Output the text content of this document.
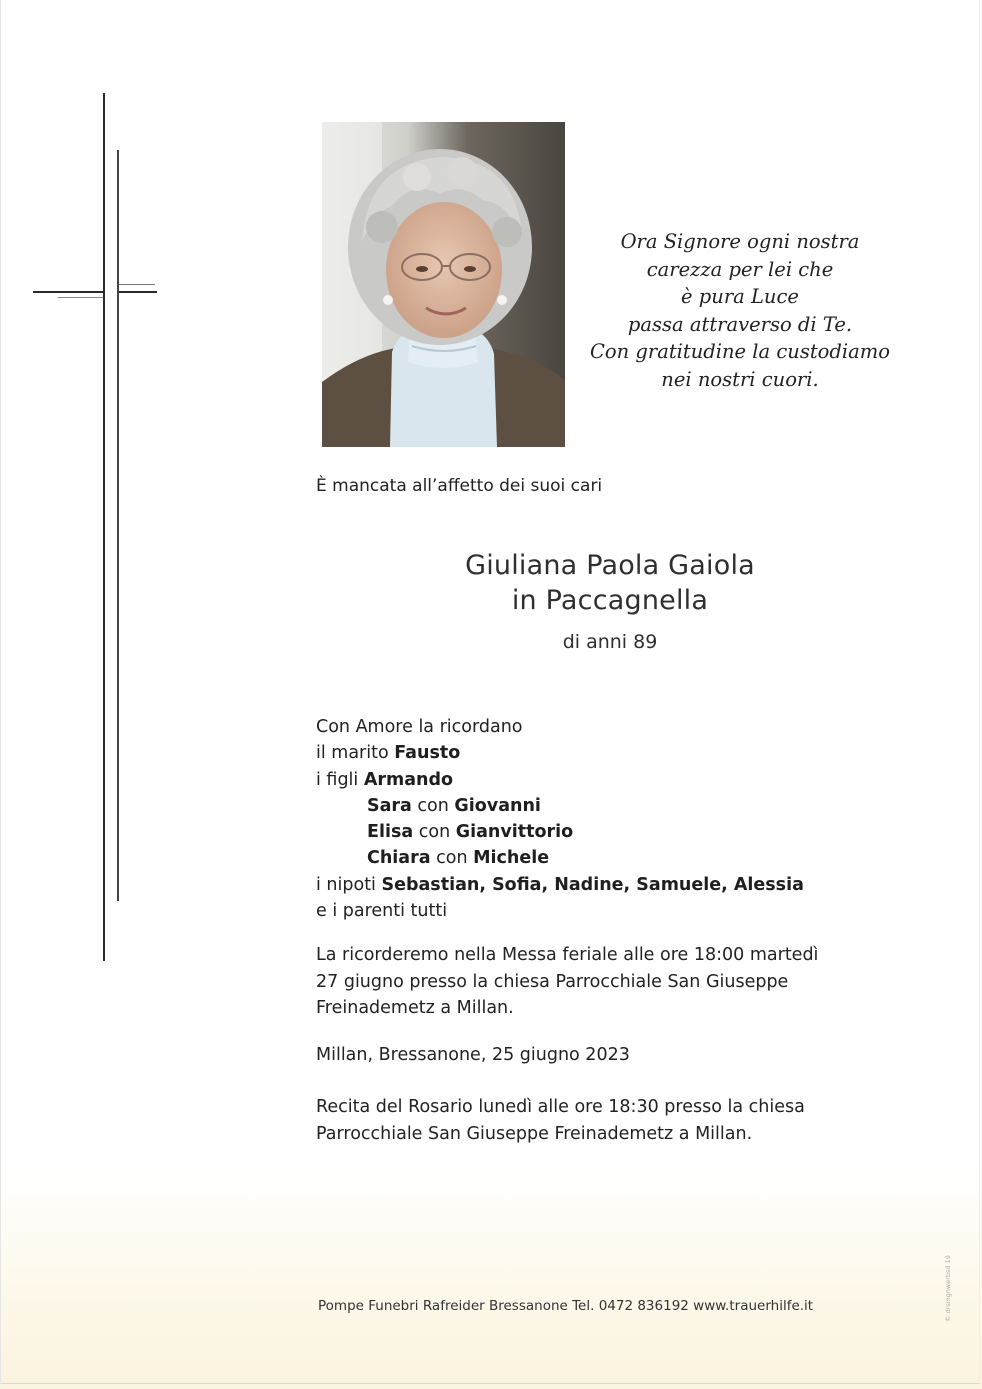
Ora Signore ogni nostra
carezza per lei che
è pura Luce
passa attraverso di Te.
Con gratitudine la custodiamo
nei nostri cuori.
È mancata all’affetto dei suoi cari
Giuliana Paola Gaiola
in Paccagnella
di anni 89
Con Amore la ricordano
il marito Fausto
i figli Armando
Sara con Giovanni
Elisa con Gianvittorio
Chiara con Michele
i nipoti Sebastian, Sofia, Nadine, Samuele, Alessia
e i parenti tutti
La ricorderemo nella Messa feriale alle ore 18:00 martedì
27 giugno presso la chiesa Parrocchiale San Giuseppe
Freinademetz a Millan.
Millan, Bressanone, 25 giugno 2023
Recita del Rosario lunedì alle ore 18:30 presso la chiesa
Parrocchiale San Giuseppe Freinademetz a Millan.
Pompe Funebri Rafreider Bressanone Tel. 0472 836192 www.trauerhilfe.it	© drsingnwerbsd 19
